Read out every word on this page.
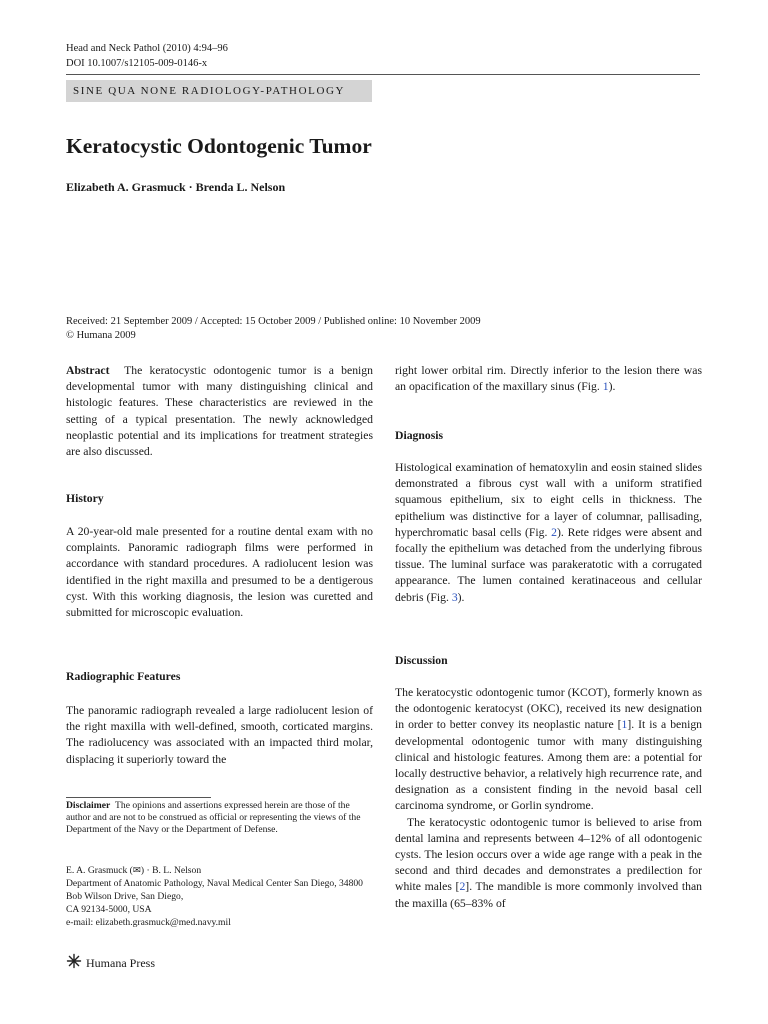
Head and Neck Pathol (2010) 4:94–96
DOI 10.1007/s12105-009-0146-x
SINE QUA NONE RADIOLOGY-PATHOLOGY
Keratocystic Odontogenic Tumor
Elizabeth A. Grasmuck · Brenda L. Nelson
Received: 21 September 2009 / Accepted: 15 October 2009 / Published online: 10 November 2009
© Humana 2009

Abstract The keratocystic odontogenic tumor is a benign developmental tumor with many distinguishing clinical and histologic features. These characteristics are reviewed in the setting of a typical presentation. The newly acknowledged neoplastic potential and its implications for treatment strategies are also discussed.

History
A 20-year-old male presented for a routine dental exam with no complaints. Panoramic radiograph films were performed in accordance with standard procedures. A radiolucent lesion was identified in the right maxilla and presumed to be a dentigerous cyst. With this working diagnosis, the lesion was curetted and submitted for microscopic evaluation.
Radiographic Features
The panoramic radiograph revealed a large radiolucent lesion of the right maxilla with well-defined, smooth, corticated margins. The radiolucency was associated with an impacted third molar, displacing it superiorly toward the
Disclaimer The opinions and assertions expressed herein are those of the author and are not to be construed as official or representing the views of the Department of the Navy or the Department of Defense.
E. A. Grasmuck (✉) · B. L. Nelson
Department of Anatomic Pathology, Naval Medical Center San Diego, 34800 Bob Wilson Drive, San Diego,
CA 92134-5000, USA
e-mail: elizabeth.grasmuck@med.navy.mil
Humana Press

right lower orbital rim. Directly inferior to the lesion there was an opacification of the maxillary sinus (Fig. 1).

Diagnosis

Histological examination of hematoxylin and eosin stained slides demonstrated a fibrous cyst wall with a uniform stratified squamous epithelium, six to eight cells in thickness. The epithelium was distinctive for a layer of columnar, pallisading, hyperchromatic basal cells (Fig. 2). Rete ridges were absent and focally the epithelium was detached from the underlying fibrous tissue. The luminal surface was parakeratotic with a corrugated appearance. The lumen contained keratinaceous and cellular debris (Fig. 3).

Discussion

The keratocystic odontogenic tumor (KCOT), formerly known as the odontogenic keratocyst (OKC), received its new designation in order to better convey its neoplastic nature [1]. It is a benign developmental odontogenic tumor with many distinguishing clinical and histologic features. Among them are: a potential for locally destructive behavior, a relatively high recurrence rate, and designation as a consistent finding in the nevoid basal cell carcinoma syndrome, or Gorlin syndrome.

The keratocystic odontogenic tumor is believed to arise from dental lamina and represents between 4–12% of all odontogenic cysts. The lesion occurs over a wide age range with a peak in the second and third decades and demonstrates a predilection for white males [2]. The mandible is more commonly involved than the maxilla (65–83% of
